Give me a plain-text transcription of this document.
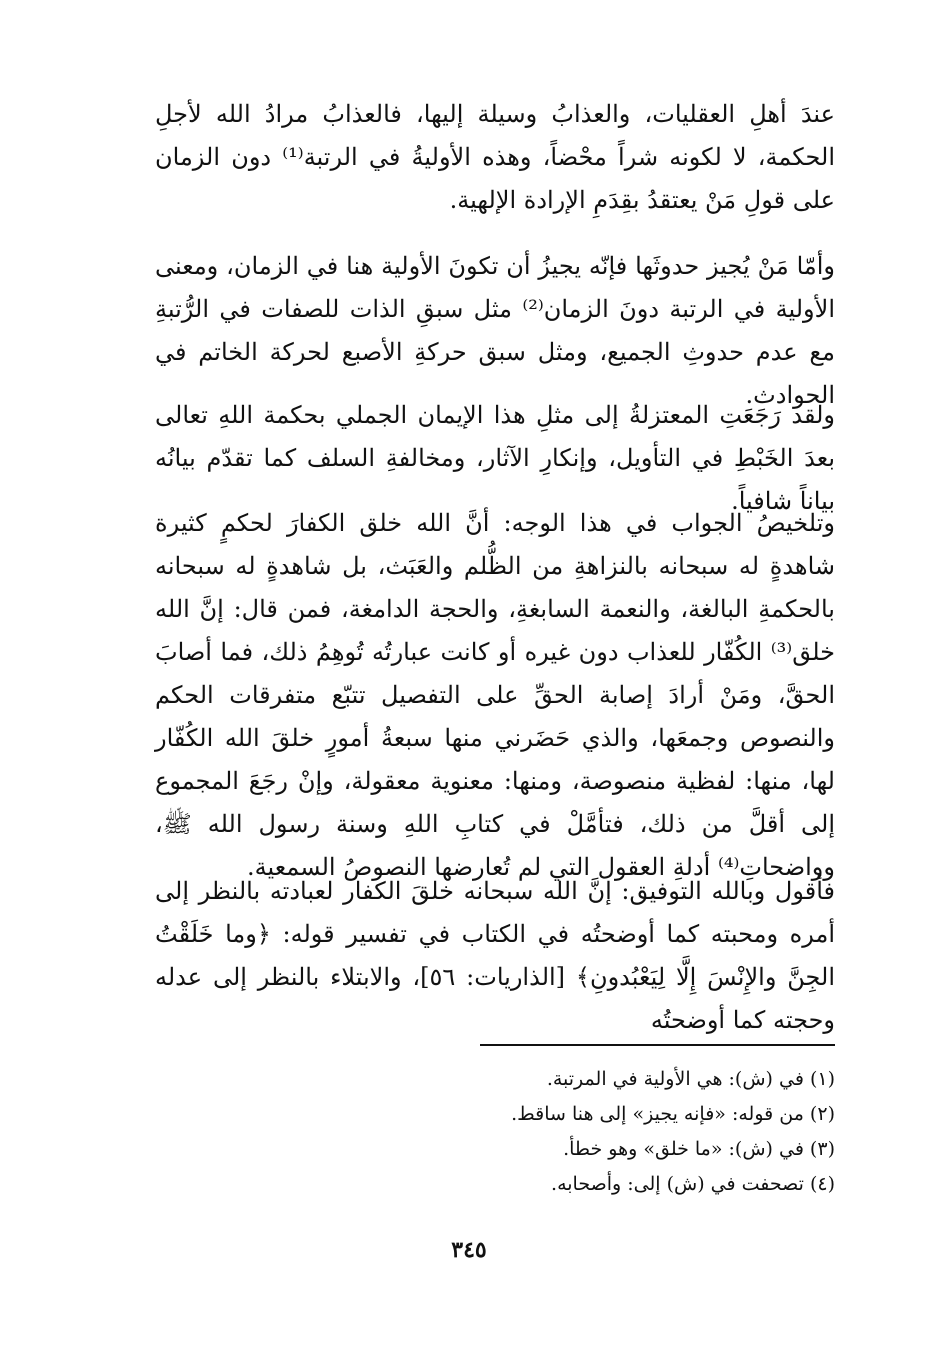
عندَ أهلِ العقليات، والعذابُ وسيلة إليها، فالعذابُ مرادُ الله لأجلِ الحكمة، لا لكونه شراً محْضاً، وهذه الأوليةُ في الرتبة⁽¹⁾ دون الزمان على قولِ مَنْ يعتقدُ بقِدَمِ الإرادة الإلهية.

وأمّا مَنْ يُجيز حدوثَها فإنّه يجيزُ أن تكونَ الأولية هنا في الزمان، ومعنى الأولية في الرتبة دونَ الزمان⁽²⁾ مثل سبقِ الذات للصفات في الرُّتبةِ مع عدم حدوثِ الجميع، ومثل سبق حركةِ الأصبع لحركة الخاتم في الحوادث.

ولقد رَجَعَتِ المعتزلةُ إلى مثلِ هذا الإيمان الجملي بحكمة اللهِ تعالى بعدَ الخَبْطِ في التأويل، وإنكارِ الآثار، ومخالفةِ السلف كما تقدّم بيانُه بياناً شافياً.

وتلخيصُ الجواب في هذا الوجه: أنَّ الله خلق الكفارَ لحكمٍ كثيرة شاهدةٍ له سبحانه بالنزاهةِ من الظُّلم والعَبَث، بل شاهدةٍ له سبحانه بالحكمةِ البالغة، والنعمة السابغةِ، والحجة الدامغة، فمن قال: إنَّ الله خلق⁽³⁾ الكُفّار للعذاب دون غيره أو كانت عبارتُه تُوهِمُ ذلك، فما أصابَ الحقَّ، ومَنْ أرادَ إصابة الحقِّ على التفصيل تتبّع متفرقات الحكم والنصوص وجمعَها، والذي حَضَرني منها سبعةُ أمورٍ خلقَ الله الكُفّار لها، منها: لفظية منصوصة، ومنها: معنوية معقولة، وإنْ رجَعَ المجموع إلى أقلَّ من ذلك، فتأمَّلْ في كتابِ اللهِ وسنة رسول الله ﷺ، وواضحاتِ⁽⁴⁾ أدلةِ العقول التي لم تُعارضها النصوصُ السمعية.

فأقول وبالله التوفيق: إنَّ الله سبحانه خلقَ الكفار لعبادته بالنظر إلى أمره ومحبته كما أوضحتُه في الكتاب في تفسير قوله: ﴿وما خَلَقْتُ الجِنَّ والإِنْسَ إِلَّا لِيَعْبُدونِ﴾ [الذاريات: ٥٦]، والابتلاء بالنظر إلى عدله وحجته كما أوضحتُه

(١) في (ش): هي الأولية في المرتبة.

(٢) من قوله: «فإنه يجيز» إلى هنا ساقط.

(٣) في (ش): «ما خلق» وهو خطأ.

(٤) تصحفت في (ش) إلى: وأصحابه.

٣٤٥
